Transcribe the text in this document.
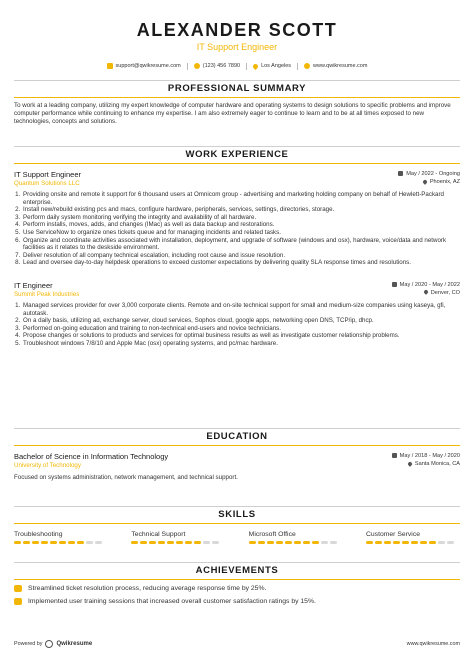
ALEXANDER SCOTT
IT Support Engineer
support@qwikresume.com	(123) 456 7890	Los Angeles	www.qwikresume.com
PROFESSIONAL SUMMARY
To work at a leading company, utilizing my expert knowledge of computer hardware and operating systems to design solutions to specific problems and improve computer performance while continuing to enhance my expertise. I am also extremely eager to continue to learn and to be at all times exposed to new technologies, concepts and solutions.
WORK EXPERIENCE
IT Support Engineer
Quantum Solutions LLC
May / 2022 - Ongoing
Phoenix, AZ
1. Providing onsite and remote it support for 6 thousand users at Omnicom group - advertising and marketing holding company on behalf of Hewlett-Packard enterprise.
2. Install new/rebuild existing pcs and macs, configure hardware, peripherals, services, settings, directories, storage.
3. Perform daily system monitoring verifying the integrity and availability of all hardware.
4. Perform installs, moves, adds, and changes (IMac) as well as data backup and restorations.
5. Use ServiceNow to organize ones tickets queue and for managing incidents and related tasks.
6. Organize and coordinate activities associated with installation, deployment, and upgrade of software (windows and osx), hardware, voice/data and network facilities as it relates to the deskside environment.
7. Deliver resolution of all company technical escalation, including root cause and issue resolution.
8. Lead and oversee day-to-day helpdesk operations to exceed customer expectations by delivering quality SLA response times and resolutions.
IT Engineer
Summit Peak Industries
May / 2020 - May / 2022
Denver, CO
1. Managed services provider for over 3,000 corporate clients. Remote and on-site technical support for small and medium-size companies using kaseya, gfi, autotask.
2. On a daily basis, utilizing ad, exchange server, cloud services, Sophos cloud, google apps, networking open DNS, TCP/ip, dhcp.
3. Performed on-going education and training to non-technical end-users and novice technicians.
4. Propose changes or solutions to products and services for optimal business results as well as investigate customer relationship problems.
5. Troubleshoot windows 7/8/10 and Apple Mac (osx) operating systems, and pc/mac hardware.
EDUCATION
Bachelor of Science in Information Technology
University of Technology
May / 2018 - May / 2020
Santa Monica, CA
Focused on systems administration, network management, and technical support.
SKILLS
Troubleshooting	Technical Support	Microsoft Office	Customer Service
ACHIEVEMENTS
Streamlined ticket resolution process, reducing average response time by 25%.
Implemented user training sessions that increased overall customer satisfaction ratings by 15%.
Powered by Qwikresume	www.qwikresume.com
